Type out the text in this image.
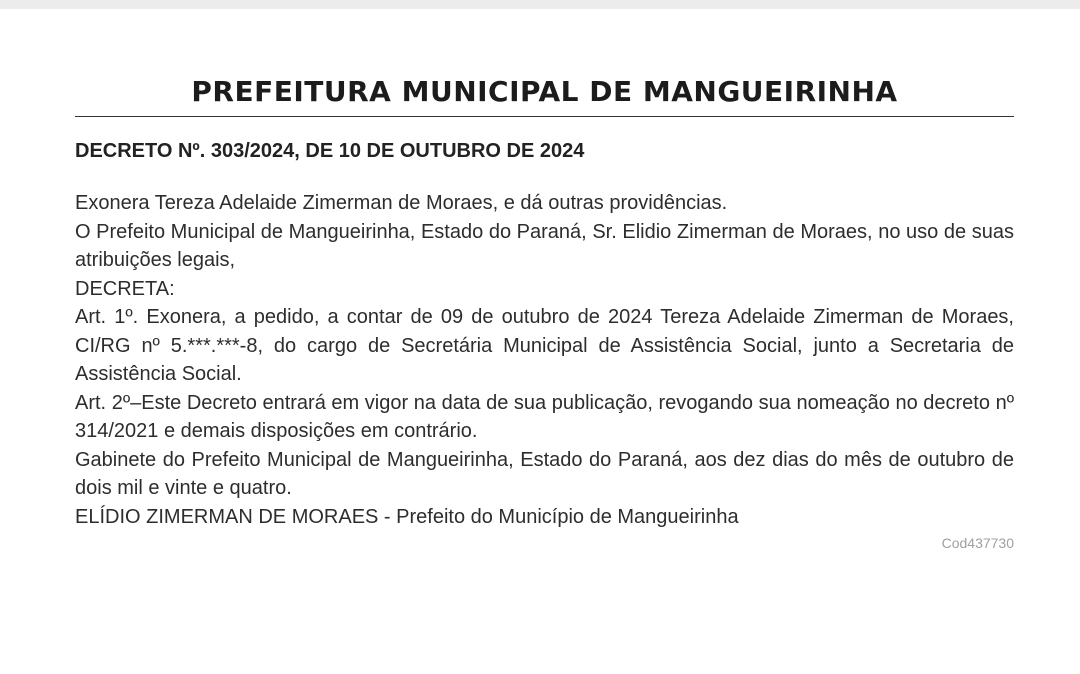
PREFEITURA MUNICIPAL DE MANGUEIRINHA
DECRETO Nº. 303/2024, DE 10 DE OUTUBRO DE 2024

Exonera Tereza Adelaide Zimerman de Moraes, e dá outras providências.

O Prefeito Municipal de Mangueirinha, Estado do Paraná, Sr. Elidio Zimerman de Moraes, no uso de suas atribuições legais,

DECRETA:

Art. 1º. Exonera, a pedido, a contar de 09 de outubro de 2024 Tereza Adelaide Zimerman de Moraes, CI/RG nº 5.***.***-8, do cargo de Secretária Municipal de Assistência Social, junto a Secretaria de Assistência Social.

Art. 2º–Este Decreto entrará em vigor na data de sua publicação, revogando sua nomeação no decreto nº 314/2021 e demais disposições em contrário.

Gabinete do Prefeito Municipal de Mangueirinha, Estado do Paraná, aos dez dias do mês de outubro de dois mil e vinte e quatro.

ELÍDIO ZIMERMAN DE MORAES - Prefeito do Município de Mangueirinha

Cod437730
